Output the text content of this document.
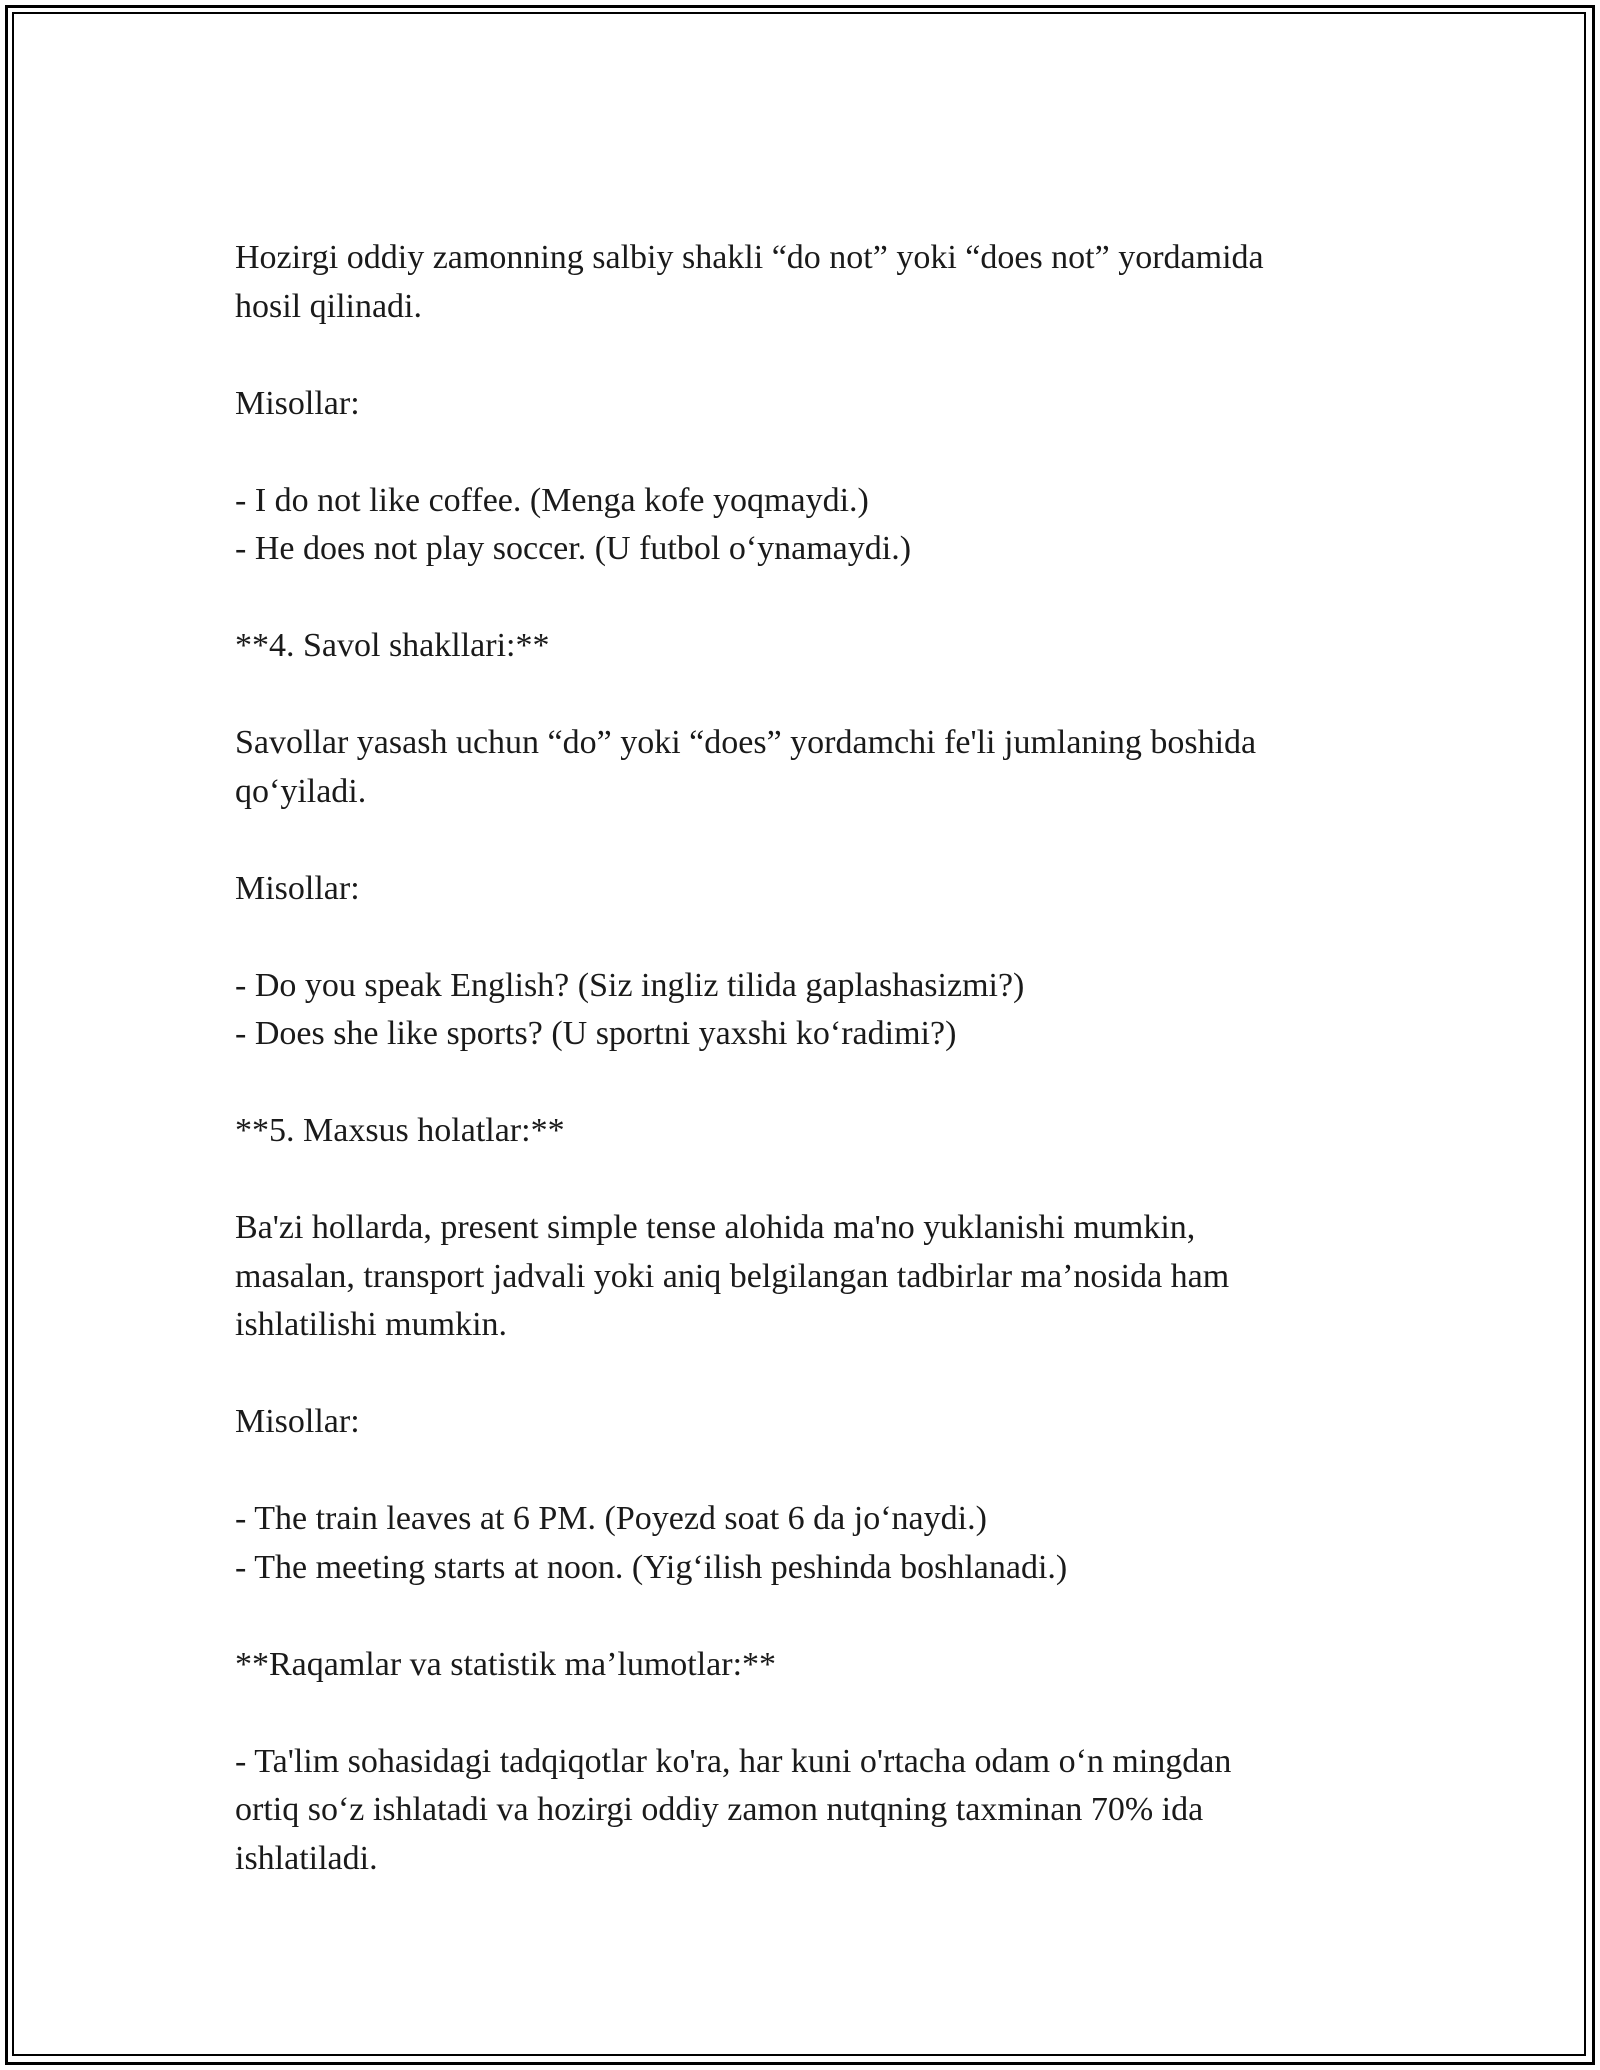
Hozirgi oddiy zamonning salbiy shakli “do not” yoki “does not” yordamida
hosil qilinadi.
Misollar:
- I do not like coffee. (Menga kofe yoqmaydi.)
- He does not play soccer. (U futbol o‘ynamaydi.)
**4. Savol shakllari:**
Savollar yasash uchun “do” yoki “does” yordamchi fe'li jumlaning boshida
qo‘yiladi.
Misollar:
- Do you speak English? (Siz ingliz tilida gaplashasizmi?)
- Does she like sports? (U sportni yaxshi ko‘radimi?)
**5. Maxsus holatlar:**
Ba'zi hollarda, present simple tense alohida ma'no yuklanishi mumkin,
masalan, transport jadvali yoki aniq belgilangan tadbirlar ma’nosida ham
ishlatilishi mumkin.
Misollar:
- The train leaves at 6 PM. (Poyezd soat 6 da jo‘naydi.)
- The meeting starts at noon. (Yig‘ilish peshinda boshlanadi.)
**Raqamlar va statistik ma’lumotlar:**
- Ta'lim sohasidagi tadqiqotlar ko'ra, har kuni o'rtacha odam o‘n mingdan
ortiq so‘z ishlatadi va hozirgi oddiy zamon nutqning taxminan 70% ida
ishlatiladi.
